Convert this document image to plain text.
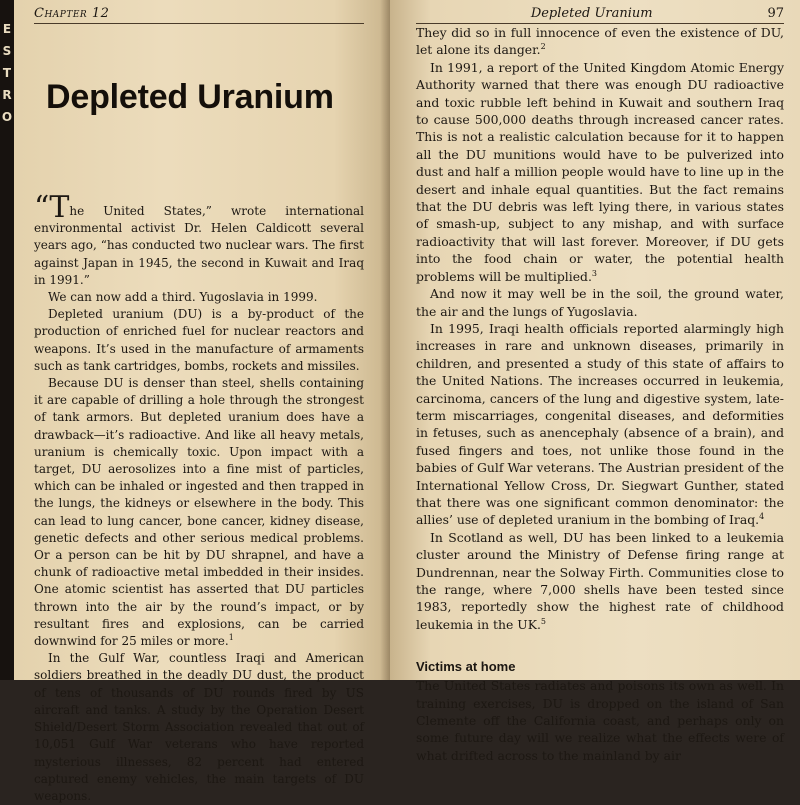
E
S
T
R
O
Chapter 12
Depleted Uranium

“The United States,” wrote international environmental activist Dr. Helen Caldicott several years ago, “has conducted two nuclear wars. The first against Japan in 1945, the second in Kuwait and Iraq in 1991.”

We can now add a third. Yugoslavia in 1999.

Depleted uranium (DU) is a by-product of the production of enriched fuel for nuclear reactors and weapons. It’s used in the manufacture of armaments such as tank cartridges, bombs, rockets and missiles.

Because DU is denser than steel, shells containing it are capable of drilling a hole through the strongest of tank armors. But depleted uranium does have a drawback—it’s radioactive. And like all heavy metals, uranium is chemically toxic. Upon impact with a target, DU aerosolizes into a fine mist of particles, which can be inhaled or ingested and then trapped in the lungs, the kidneys or elsewhere in the body. This can lead to lung cancer, bone cancer, kidney disease, genetic defects and other serious medical problems. Or a person can be hit by DU shrapnel, and have a chunk of radioactive metal imbedded in their insides. One atomic scientist has asserted that DU particles thrown into the air by the round’s impact, or by resultant fires and explosions, can be carried downwind for 25 miles or more.$^1$

In the Gulf War, countless Iraqi and American soldiers breathed in the deadly DU dust, the product of tens of thousands of DU rounds fired by US aircraft and tanks. A study by the Operation Desert Shield/Desert Storm Association revealed that out of 10,051 Gulf War veterans who have reported mysterious illnesses, 82 percent had entered captured enemy vehicles, the main targets of DU weapons.

Depleted Uranium	97

They did so in full innocence of even the existence of DU, let alone its danger.$^2$

In 1991, a report of the United Kingdom Atomic Energy Authority warned that there was enough DU radioactive and toxic rubble left behind in Kuwait and southern Iraq to cause 500,000 deaths through increased cancer rates. This is not a realistic calculation because for it to happen all the DU munitions would have to be pulverized into dust and half a million people would have to line up in the desert and inhale equal quantities. But the fact remains that the DU debris was left lying there, in various states of smash-up, subject to any mishap, and with surface radioactivity that will last forever. Moreover, if DU gets into the food chain or water, the potential health problems will be multiplied.$^3$

And now it may well be in the soil, the ground water, the air and the lungs of Yugoslavia.

In 1995, Iraqi health officials reported alarmingly high increases in rare and unknown diseases, primarily in children, and presented a study of this state of affairs to the United Nations. The increases occurred in leukemia, carcinoma, cancers of the lung and digestive system, late-term miscarriages, congenital diseases, and deformities in fetuses, such as anencephaly (absence of a brain), and fused fingers and toes, not unlike those found in the babies of Gulf War veterans. The Austrian president of the International Yellow Cross, Dr. Siegwart Gunther, stated that there was one significant common denominator: the allies’ use of depleted uranium in the bombing of Iraq.$^4$

In Scotland as well, DU has been linked to a leukemia cluster around the Ministry of Defense firing range at Dundrennan, near the Solway Firth. Communities close to the range, where 7,000 shells have been tested since 1983, reportedly show the highest rate of childhood leukemia in the UK.$^5$

Victims at home

The United States radiates and poisons its own as well. In training exercises, DU is dropped on the island of San Clemente off the California coast, and perhaps only on some future day will we realize what the effects were of what drifted across to the mainland by air
